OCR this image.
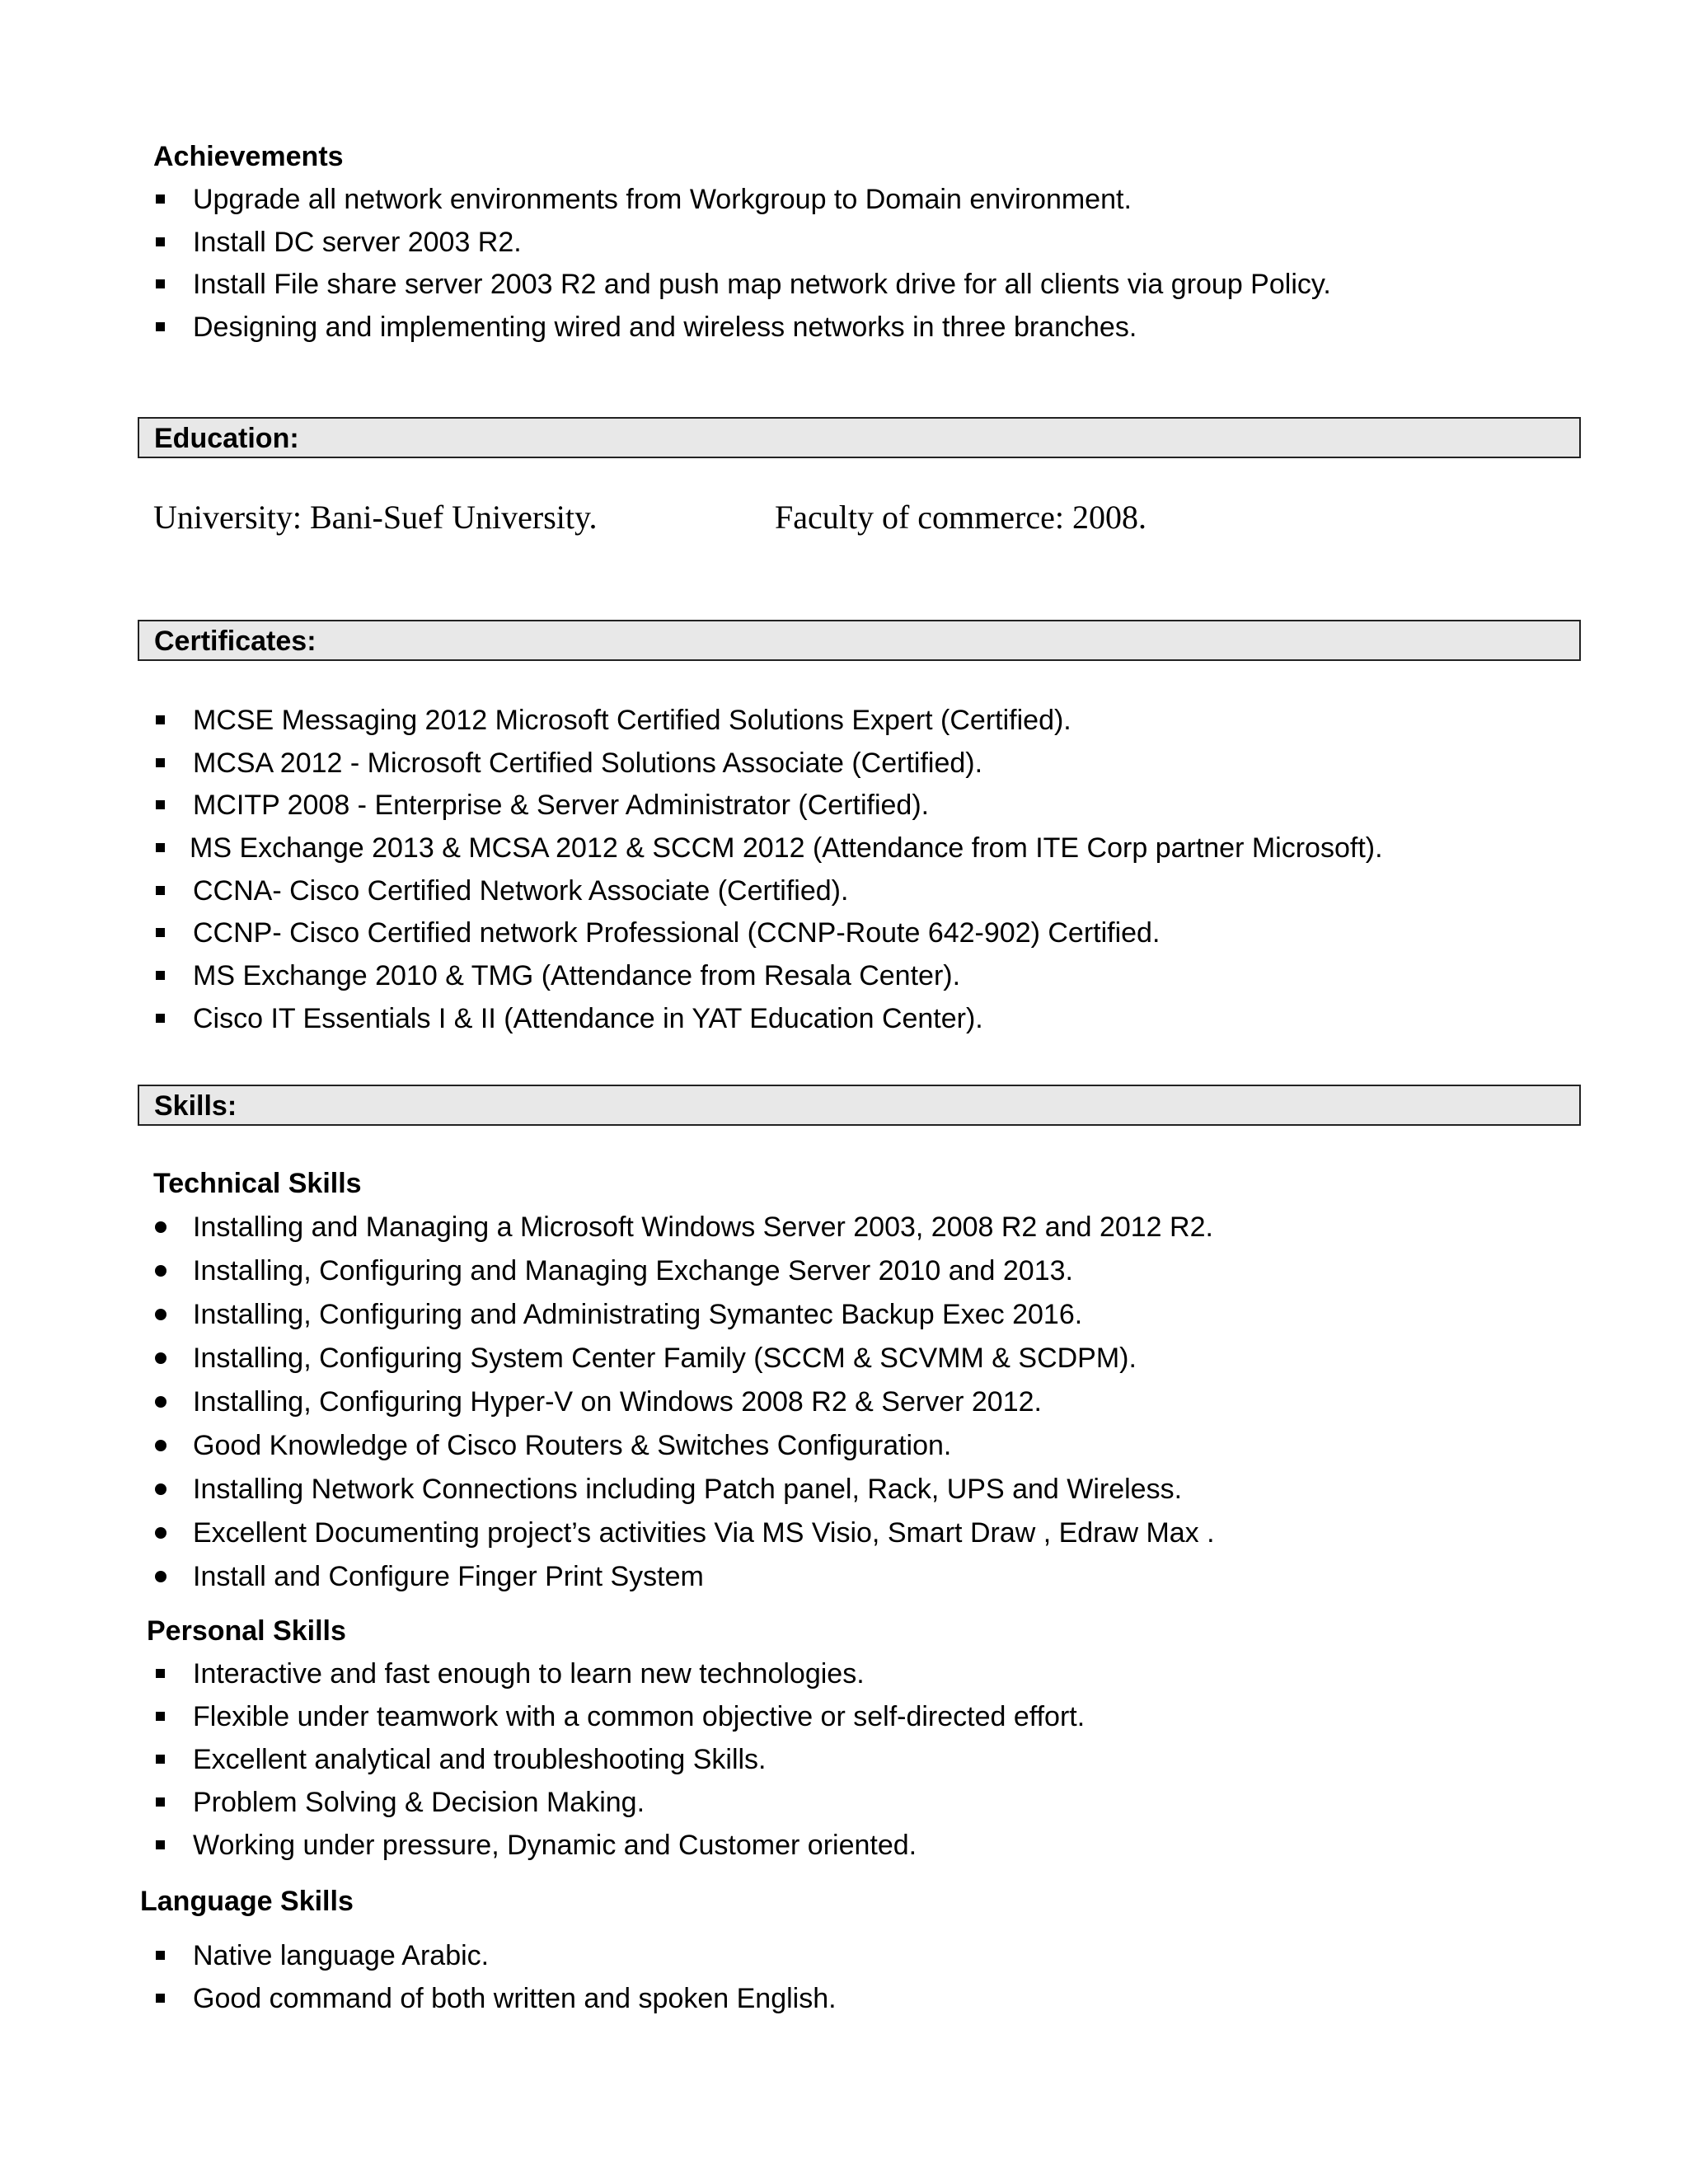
Achievements
Upgrade all network environments from Workgroup to Domain environment.
Install DC server 2003 R2.
Install File share server 2003 R2 and push map network drive for all clients via group Policy.
Designing and implementing wired and wireless networks in three branches.
Education:
University: Bani-Suef University.	Faculty of commerce: 2008.
Certificates:
MCSE Messaging 2012 Microsoft Certified Solutions Expert (Certified).
MCSA 2012 - Microsoft Certified Solutions Associate (Certified).
MCITP 2008 - Enterprise & Server Administrator (Certified).
MS Exchange 2013 & MCSA 2012 & SCCM 2012 (Attendance from ITE Corp partner Microsoft).
CCNA- Cisco Certified Network Associate (Certified).
CCNP- Cisco Certified network Professional (CCNP-Route 642-902) Certified.
MS Exchange 2010 & TMG (Attendance from Resala Center).
Cisco IT Essentials I & II (Attendance in YAT Education Center).
Skills:
Technical Skills
Installing and Managing a Microsoft Windows Server 2003, 2008 R2 and 2012 R2.
Installing, Configuring and Managing Exchange Server 2010 and 2013.
Installing, Configuring and Administrating Symantec Backup Exec 2016.
Installing, Configuring System Center Family (SCCM & SCVMM & SCDPM).
Installing, Configuring Hyper-V on Windows 2008 R2 & Server 2012.
Good Knowledge of Cisco Routers & Switches Configuration.
Installing Network Connections including Patch panel, Rack, UPS and Wireless.
Excellent Documenting project’s activities Via MS Visio, Smart Draw , Edraw Max .
Install and Configure Finger Print System
Personal Skills
Interactive and fast enough to learn new technologies.
Flexible under teamwork with a common objective or self-directed effort.
Excellent analytical and troubleshooting Skills.
Problem Solving & Decision Making.
Working under pressure, Dynamic and Customer oriented.
Language Skills
Native language Arabic.
Good command of both written and spoken English.
